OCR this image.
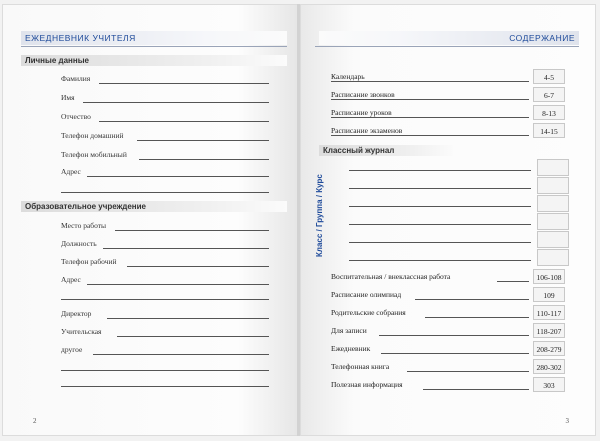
ЕЖЕДНЕВНИК УЧИТЕЛЯ
Личные данные
Фамилия
Имя
Отчество
Телефон домашний
Телефон мобильный
Адрес
Образовательное учреждение
Место работы
Должность
Телефон рабочий
Адрес
Директор
Учительская
другое
2
СОДЕРЖАНИЕ
Календарь	4-5
Расписание звонков	6-7
Расписание уроков	8-13
Расписание экзаменов	14-15
Классный журнал
Класс / Группа / Курс
Воспитательная / внеклассная работа	106-108
Расписание олимпиад	109
Родительские собрания	110-117
Для записи	118-207
Ежедневник	208-279
Телефонная книга	280-302
Полезная информация	303
3
